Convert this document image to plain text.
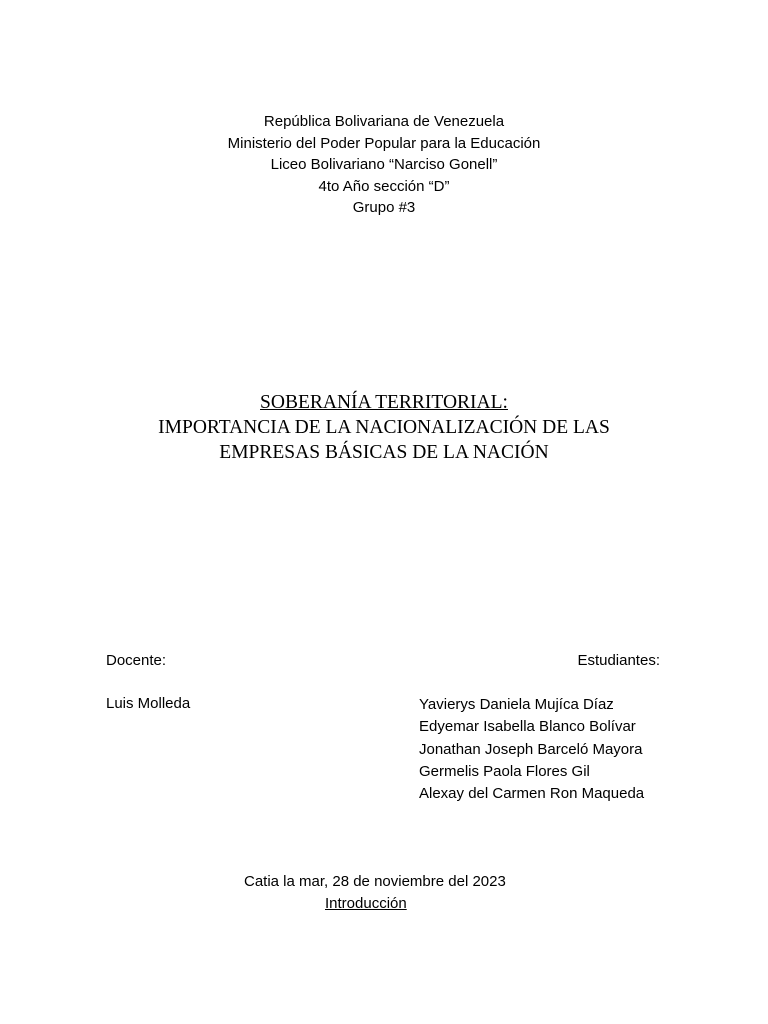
República Bolivariana de Venezuela
Ministerio del Poder Popular para la Educación
Liceo Bolivariano “Narciso Gonell”
4to Año sección “D”
Grupo #3
SOBERANÍA TERRITORIAL:
IMPORTANCIA DE LA NACIONALIZACIÓN DE LAS
EMPRESAS BÁSICAS DE LA NACIÓN
Docente:	Estudiantes:
Luis Molleda	Yavierys Daniela Mujíca Díaz
Edyemar Isabella Blanco Bolívar
Jonathan Joseph Barceló Mayora
Germelis Paola Flores Gil
Alexay del Carmen Ron Maqueda
Catia la mar, 28 de noviembre del 2023
Introducción
